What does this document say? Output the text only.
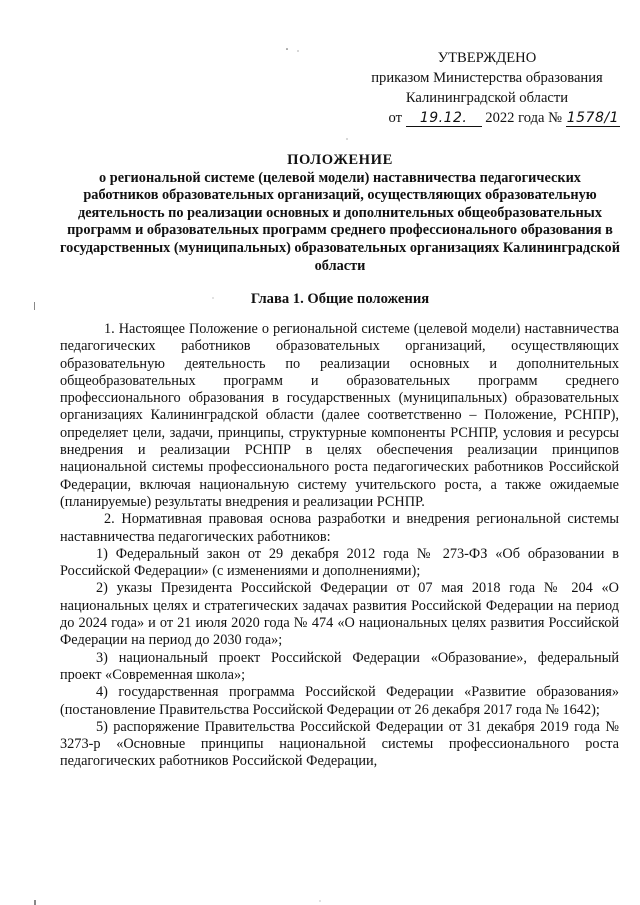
УТВЕРЖДЕНО
приказом Министерства образования
Калининградской области
от 19.12. 2022 года № 1578/1
ПОЛОЖЕНИЕ
о региональной системе (целевой модели) наставничества педагогических работников образовательных организаций, осуществляющих образовательную деятельность по реализации основных и дополнительных общеобразовательных программ и образовательных программ среднего профессионального образования в государственных (муниципальных) образовательных организациях Калининградской области
Глава 1. Общие положения

1. Настоящее Положение о региональной системе (целевой модели) наставничества педагогических работников образовательных организаций, осуществляющих образовательную деятельность по реализации основных и дополнительных общеобразовательных программ и образовательных программ среднего профессионального образования в государственных (муниципальных) образовательных организациях Калининградской области (далее соответственно – Положение, РСНПР), определяет цели, задачи, принципы, структурные компоненты РСНПР, условия и ресурсы внедрения и реализации РСНПР в целях обеспечения реализации принципов национальной системы профессионального роста педагогических работников Российской Федерации, включая национальную систему учительского роста, а также ожидаемые (планируемые) результаты внедрения и реализации РСНПР.

2. Нормативная правовая основа разработки и внедрения региональной системы наставничества педагогических работников:

1) Федеральный закон от 29 декабря 2012 года № 273-ФЗ «Об образовании в Российской Федерации» (с изменениями и дополнениями);

2) указы Президента Российской Федерации от 07 мая 2018 года № 204 «О национальных целях и стратегических задачах развития Российской Федерации на период до 2024 года» и от 21 июля 2020 года № 474 «О национальных целях развития Российской Федерации на период до 2030 года»;

3) национальный проект Российской Федерации «Образование», федеральный проект «Современная школа»;

4) государственная программа Российской Федерации «Развитие образования» (постановление Правительства Российской Федерации от 26 декабря 2017 года № 1642);

5) распоряжение Правительства Российской Федерации от 31 декабря 2019 года № 3273-р «Основные принципы национальной системы профессионального роста педагогических работников Российской Федерации,
